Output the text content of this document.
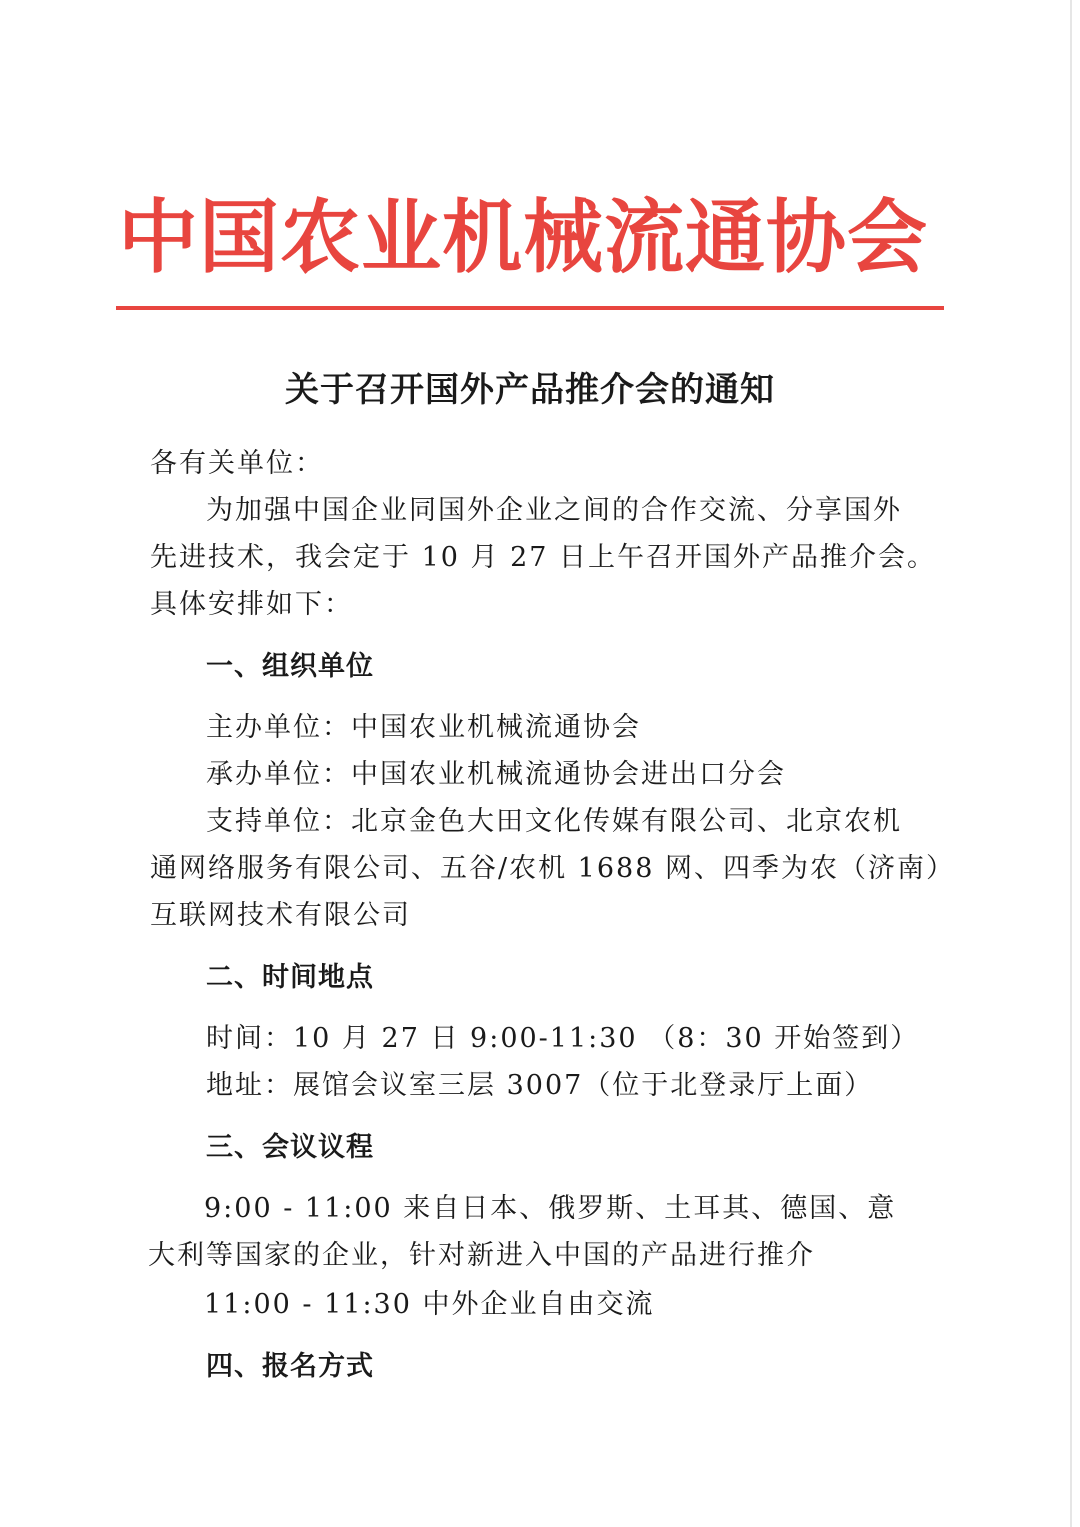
中国农业机械流通协会
关于召开国外产品推介会的通知
各有关单位：
为加强中国企业同国外企业之间的合作交流、分享国外
先进技术，我会定于 10 月 27 日上午召开国外产品推介会。
具体安排如下：
一、组织单位
主办单位：中国农业机械流通协会
承办单位：中国农业机械流通协会进出口分会
支持单位：北京金色大田文化传媒有限公司、北京农机
通网络服务有限公司、五谷/农机 1688 网、四季为农（济南）
互联网技术有限公司
二、时间地点
时间：10 月 27 日 9:00-11:30 （8：30 开始签到）
地址：展馆会议室三层 3007（位于北登录厅上面）
三、会议议程
9:00 - 11:00 来自日本、俄罗斯、土耳其、德国、意
大利等国家的企业，针对新进入中国的产品进行推介
11:00 - 11:30 中外企业自由交流
四、报名方式
